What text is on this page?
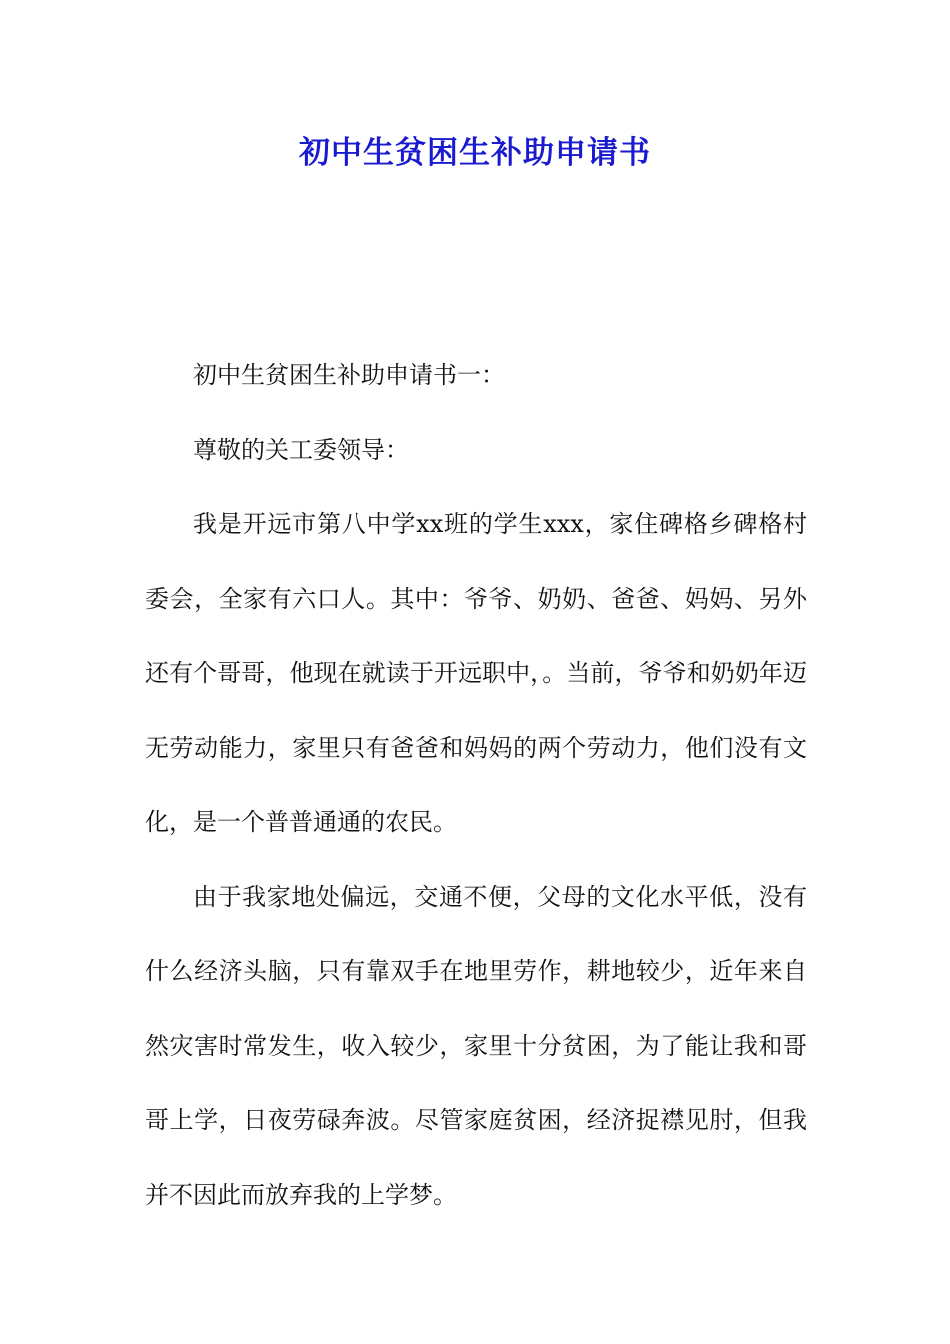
初中生贫困生补助申请书

初中生贫困生补助申请书一：

尊敬的关工委领导：

我是开远市第八中学xx班的学生xxx，家住碑格乡碑格村委会，全家有六口人。其中：爷爷、奶奶、爸爸、妈妈、另外还有个哥哥，他现在就读于开远职中，。当前，爷爷和奶奶年迈无劳动能力，家里只有爸爸和妈妈的两个劳动力，他们没有文化，是一个普普通通的农民。

由于我家地处偏远，交通不便，父母的文化水平低，没有什么经济头脑，只有靠双手在地里劳作，耕地较少，近年来自然灾害时常发生，收入较少，家里十分贫困，为了能让我和哥哥上学，日夜劳碌奔波。尽管家庭贫困，经济捉襟见肘，但我并不因此而放弃我的上学梦。
